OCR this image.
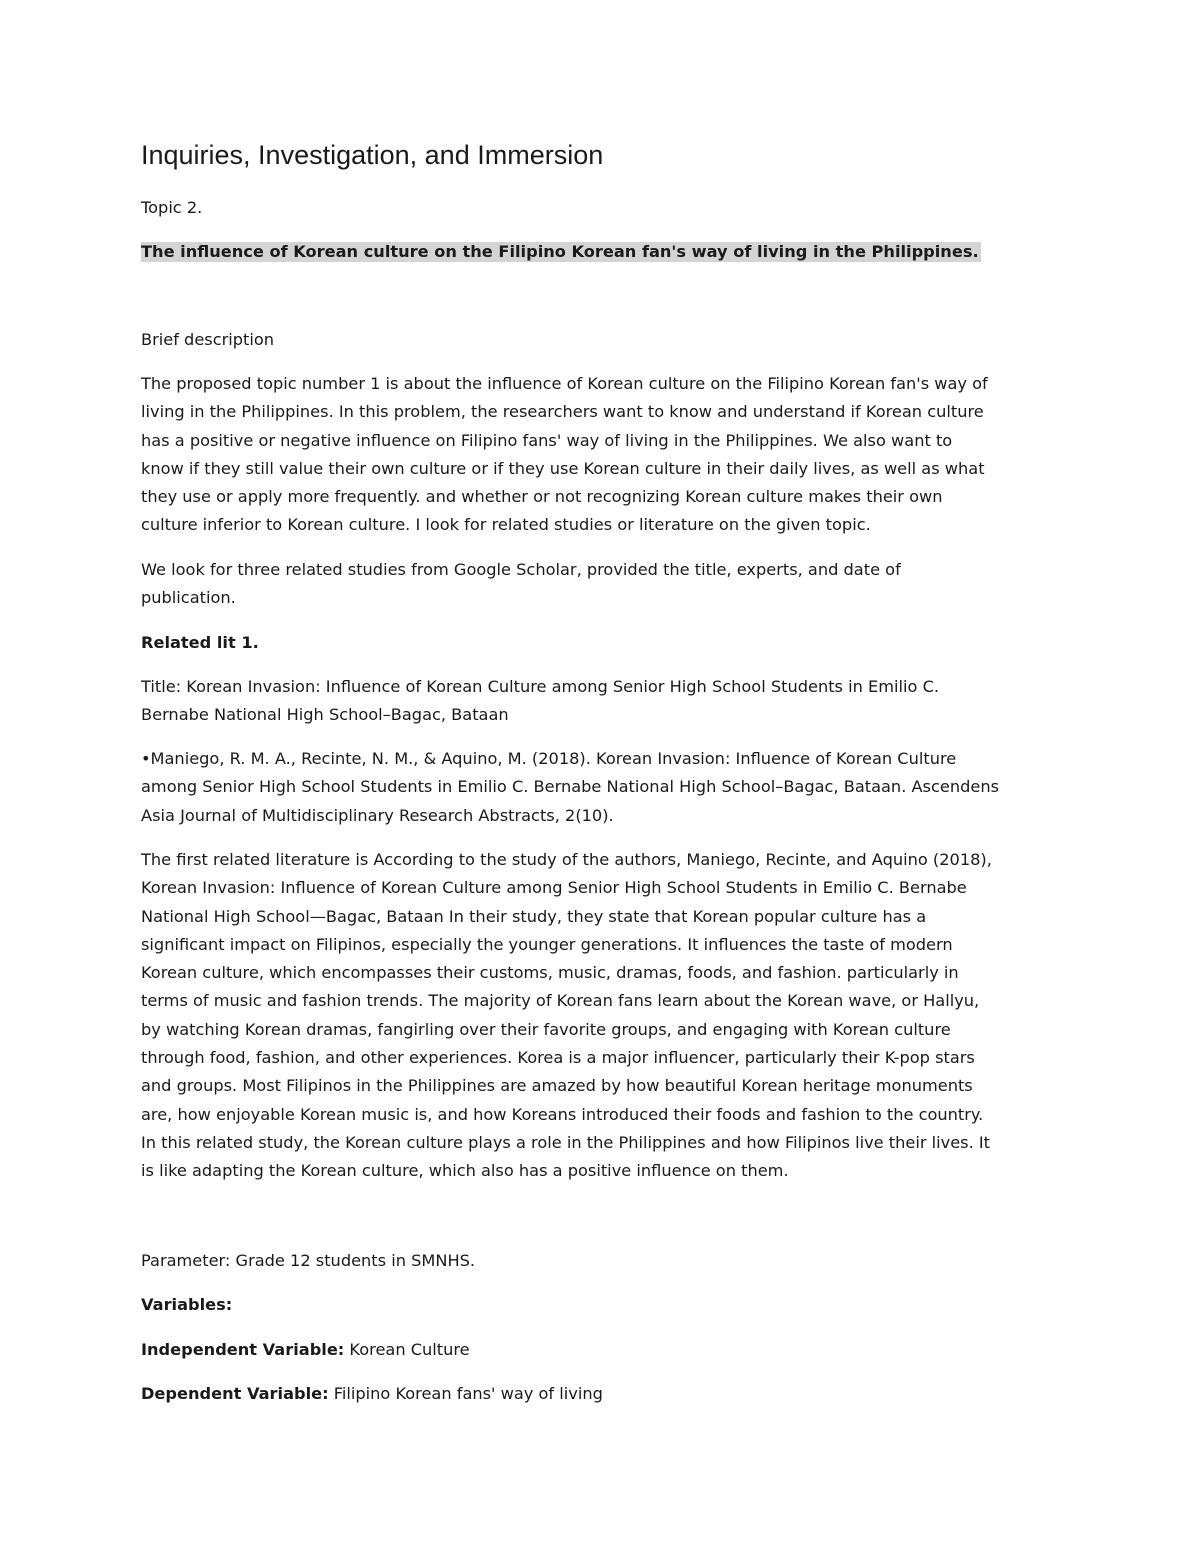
Inquiries, Investigation, and Immersion

Topic 2.

The influence of Korean culture on the Filipino Korean fan's way of living in the Philippines.

Brief description

The proposed topic number 1 is about the influence of Korean culture on the Filipino Korean fan's way of
living in the Philippines. In this problem, the researchers want to know and understand if Korean culture
has a positive or negative influence on Filipino fans' way of living in the Philippines. We also want to
know if they still value their own culture or if they use Korean culture in their daily lives, as well as what
they use or apply more frequently. and whether or not recognizing Korean culture makes their own
culture inferior to Korean culture. I look for related studies or literature on the given topic.

We look for three related studies from Google Scholar, provided the title, experts, and date of
publication.

Related lit 1.

Title: Korean Invasion: Influence of Korean Culture among Senior High School Students in Emilio C.
Bernabe National High School–Bagac, Bataan

•Maniego, R. M. A., Recinte, N. M., & Aquino, M. (2018). Korean Invasion: Influence of Korean Culture
among Senior High School Students in Emilio C. Bernabe National High School–Bagac, Bataan. Ascendens
Asia Journal of Multidisciplinary Research Abstracts, 2(10).

The first related literature is According to the study of the authors, Maniego, Recinte, and Aquino (2018),
Korean Invasion: Influence of Korean Culture among Senior High School Students in Emilio C. Bernabe
National High School—Bagac, Bataan In their study, they state that Korean popular culture has a
significant impact on Filipinos, especially the younger generations. It influences the taste of modern
Korean culture, which encompasses their customs, music, dramas, foods, and fashion. particularly in
terms of music and fashion trends. The majority of Korean fans learn about the Korean wave, or Hallyu,
by watching Korean dramas, fangirling over their favorite groups, and engaging with Korean culture
through food, fashion, and other experiences. Korea is a major influencer, particularly their K-pop stars
and groups. Most Filipinos in the Philippines are amazed by how beautiful Korean heritage monuments
are, how enjoyable Korean music is, and how Koreans introduced their foods and fashion to the country.
In this related study, the Korean culture plays a role in the Philippines and how Filipinos live their lives. It
is like adapting the Korean culture, which also has a positive influence on them.

Parameter: Grade 12 students in SMNHS.

Variables:

Independent Variable: Korean Culture

Dependent Variable: Filipino Korean fans' way of living
